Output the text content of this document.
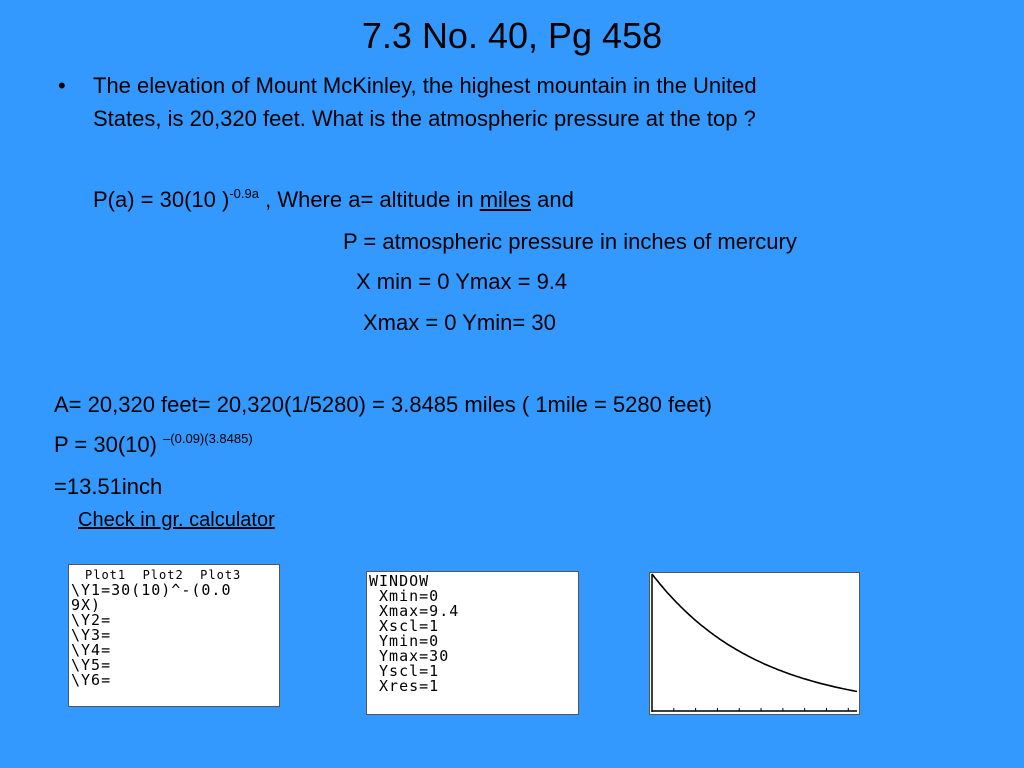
7.3 No. 40, Pg 458
• The elevation of Mount McKinley, the highest mountain in the United
States, is 20,320 feet. What is the atmospheric pressure at the top ?
P(a) = 30(10 )$^{-0.9a}$ , Where a= altitude in miles and
P = atmospheric pressure in inches of mercury
X min = 0 Ymax = 9.4
Xmax = 0 Ymin= 30
A= 20,320 feet= 20,320(1/5280) = 3.8485 miles ( 1mile = 5280 feet)
P = 30(10) $^{-(0.09)(3.8485)}$
=13.51inch
Check in gr. calculator
Plot1  Plot2  Plot3
\Y1=30(10)^-(0.0
9X)
\Y2=
\Y3=
\Y4=
\Y5=
\Y6=
WINDOW
Xmin=0
Xmax=9.4
Xscl=1
Ymin=0
Ymax=30
Yscl=1
Xres=1
